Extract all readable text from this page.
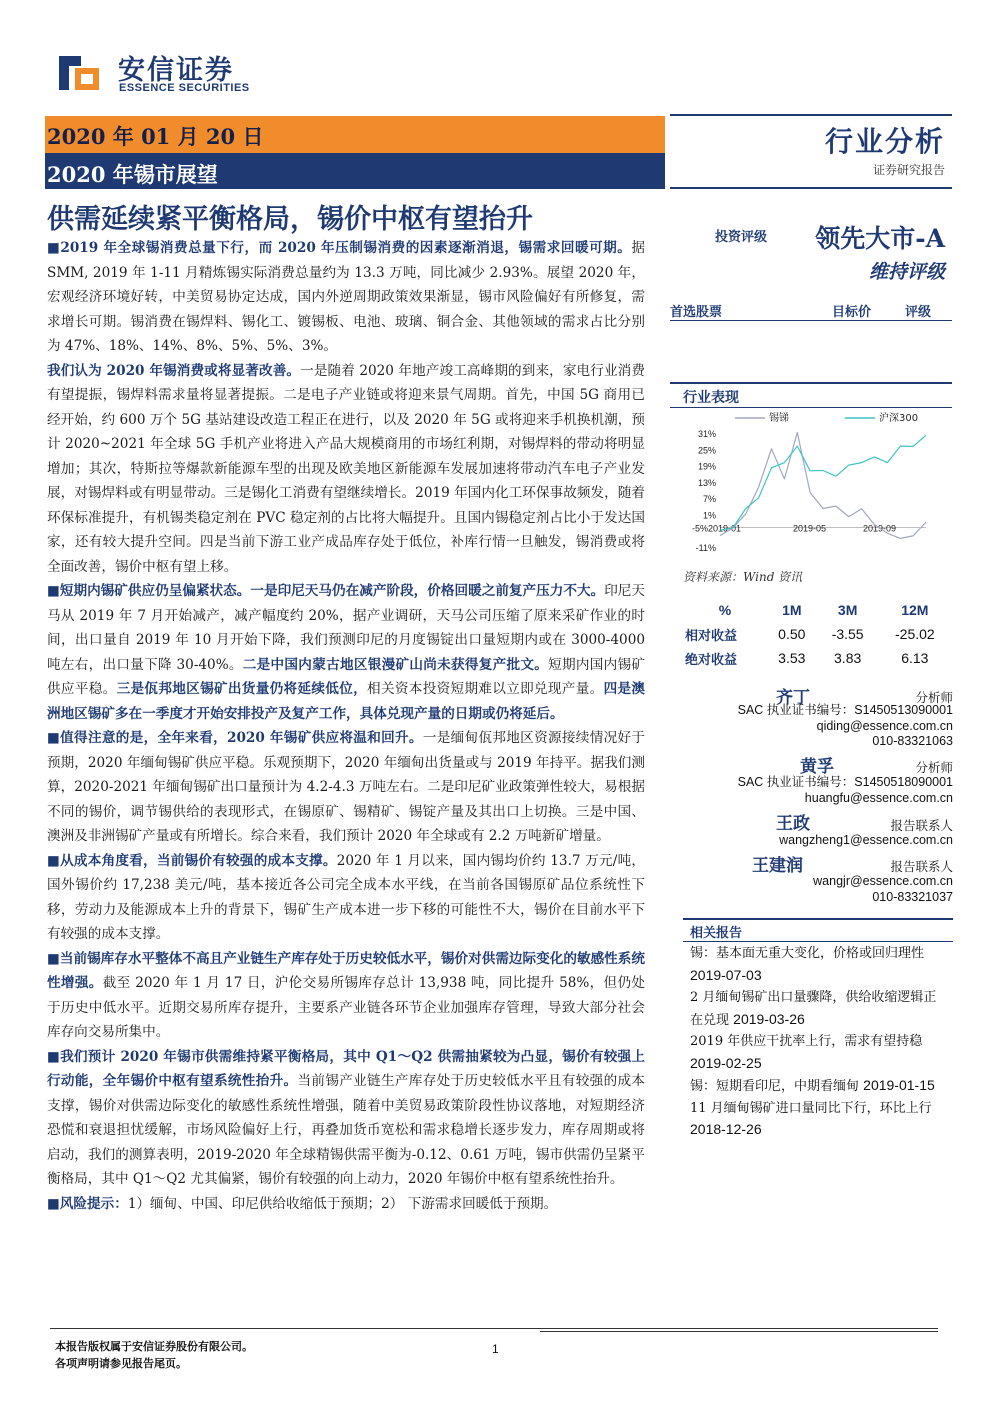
安信证券
ESSENCE SECURITIES
2020 年 01 月 20 日
2020 年锡市展望
行业分析
证券研究报告
供需延续紧平衡格局，锡价中枢有望抬升

■2019 年全球锡消费总量下行，而 2020 年压制锡消费的因素逐渐消退，锡需求回暖可期。据SMM, 2019 年 1-11 月精炼锡实际消费总量约为 13.3 万吨，同比减少 2.93%。展望 2020 年，宏观经济环境好转，中美贸易协定达成，国内外逆周期政策效果渐显，锡市风险偏好有所修复，需求增长可期。锡消费在锡焊料、锡化工、镀锡板、电池、玻璃、铜合金、其他领域的需求占比分别为 47%、18%、14%、8%、5%、5%、3%。

我们认为 2020 年锡消费或将显著改善。一是随着 2020 年地产竣工高峰期的到来，家电行业消费有望提振，锡焊料需求量将显著提振。二是电子产业链或将迎来景气周期。首先，中国 5G 商用已经开始，约 600 万个 5G 基站建设改造工程正在进行，以及 2020 年 5G 或将迎来手机换机潮，预计 2020~2021 年全球 5G 手机产业将进入产品大规模商用的市场红利期，对锡焊料的带动将明显增加；其次，特斯拉等爆款新能源车型的出现及欧美地区新能源车发展加速将带动汽车电子产业发展，对锡焊料或有明显带动。三是锡化工消费有望继续增长。2019 年国内化工环保事故频发，随着环保标准提升，有机锡类稳定剂在 PVC 稳定剂的占比将大幅提升。且国内锡稳定剂占比小于发达国家，还有较大提升空间。四是当前下游工业产成品库存处于低位，补库行情一旦触发，锡消费或将全面改善，锡价中枢有望上移。

■短期内锡矿供应仍呈偏紧状态。一是印尼天马仍在减产阶段，价格回暖之前复产压力不大。印尼天马从 2019 年 7 月开始减产，减产幅度约 20%，据产业调研，天马公司压缩了原来采矿作业的时间，出口量自 2019 年 10 月开始下降，我们预测印尼的月度锡锭出口量短期内或在 3000-4000 吨左右，出口量下降 30-40%。二是中国内蒙古地区银漫矿山尚未获得复产批文。短期内国内锡矿供应平稳。三是佤邦地区锡矿出货量仍将延续低位，相关资本投资短期难以立即兑现产量。四是澳洲地区锡矿多在一季度才开始安排投产及复产工作，具体兑现产量的日期或仍将延后。

■值得注意的是，全年来看，2020 年锡矿供应将温和回升。一是缅甸佤邦地区资源接续情况好于预期，2020 年缅甸锡矿供应平稳。乐观预期下，2020 年缅甸出货量或与 2019 年持平。据我们测算，2020-2021 年缅甸锡矿出口量预计为 4.2-4.3 万吨左右。二是印尼矿业政策弹性较大，易根据不同的锡价，调节锡供给的表现形式，在锡原矿、锡精矿、锡锭产量及其出口上切换。三是中国、澳洲及非洲锡矿产量或有所增长。综合来看，我们预计 2020 年全球或有 2.2 万吨新矿增量。

■从成本角度看，当前锡价有较强的成本支撑。2020 年 1 月以来，国内锡均价约 13.7 万元/吨，国外锡价约 17,238 美元/吨，基本接近各公司完全成本水平线，在当前各国锡原矿品位系统性下移，劳动力及能源成本上升的背景下，锡矿生产成本进一步下移的可能性不大，锡价在目前水平下有较强的成本支撑。

■当前锡库存水平整体不高且产业链生产库存处于历史较低水平，锡价对供需边际变化的敏感性系统性增强。截至 2020 年 1 月 17 日，沪伦交易所锡库存总计 13,938 吨，同比提升 58%，但仍处于历史中低水平。近期交易所库存提升，主要系产业链各环节企业加强库存管理，导致大部分社会库存向交易所集中。

■我们预计 2020 年锡市供需维持紧平衡格局，其中 Q1～Q2 供需抽紧较为凸显，锡价有较强上行动能，全年锡价中枢有望系统性抬升。当前锡产业链生产库存处于历史较低水平且有较强的成本支撑，锡价对供需边际变化的敏感性系统性增强，随着中美贸易政策阶段性协议落地，对短期经济恐慌和衰退担忧缓解，市场风险偏好上行，再叠加货币宽松和需求稳增长逐步发力，库存周期或将启动，我们的测算表明，2019-2020 年全球精锡供需平衡为-0.12、0.61 万吨，锡市供需仍呈紧平衡格局，其中 Q1～Q2 尤其偏紧，锡价有较强的向上动力，2020 年锡价中枢有望系统性抬升。

■风险提示：1）缅甸、中国、印尼供给收缩低于预期；2） 下游需求回暖低于预期。

投资评级 领先大市-A
维持评级
首选股票	目标价	评级
行业表现
31%
25%
19%
13%
7%
1%
-11%
-5%2019-01	2019-05	2019-09
锡锑	沪深300
资料来源：Wind 资讯
%	1M	3M	12M
相对收益	0.50	-3.55	-25.02
绝对收益	3.53	3.83	6.13
齐丁	分析师
SAC 执业证书编号：S1450513090001
qiding@essence.com.cn
010-83321063
黄孚	分析师
SAC 执业证书编号：S1450518090001
huangfu@essence.com.cn
王政	报告联系人
wangzheng1@essence.com.cn
王建润	报告联系人
wangjr@essence.com.cn
010-83321037
相关报告
锡：基本面无重大变化，价格或回归理性 2019-07-03
2 月缅甸锡矿出口量骤降，供给收缩逻辑正在兑现 2019-03-26
2019 年供应干扰率上行，需求有望持稳 2019-02-25
锡：短期看印尼，中期看缅甸 2019-01-15
11 月缅甸锡矿进口量同比下行，环比上行 2018-12-26
本报告版权属于安信证券股份有限公司。
各项声明请参见报告尾页。
1
